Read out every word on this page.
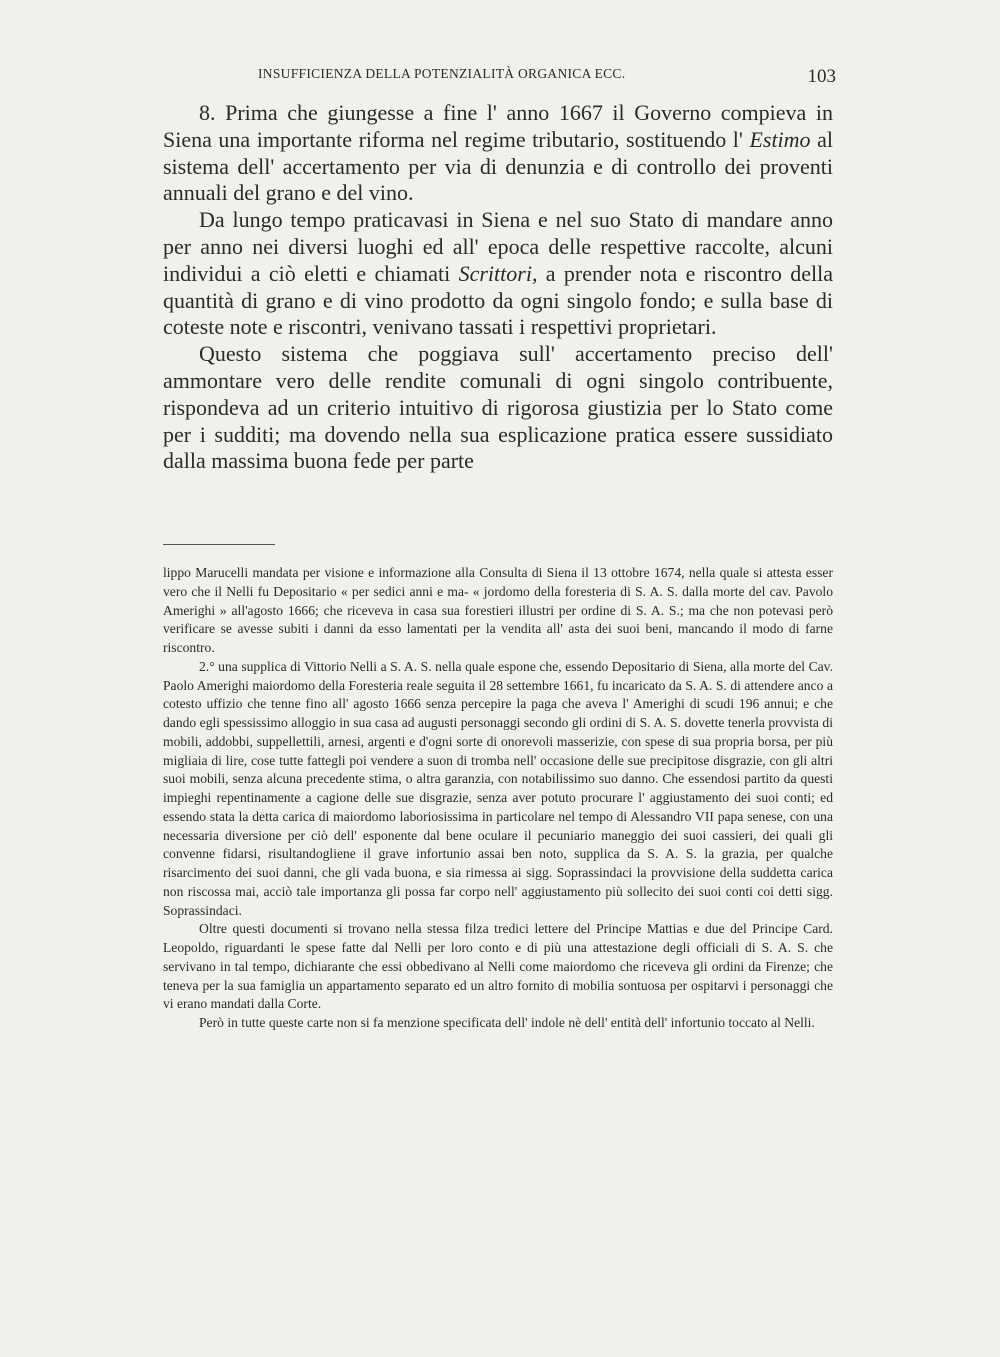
INSUFFICIENZA DELLA POTENZIALITÀ ORGANICA ECC.	103

8. Prima che giungesse a fine l' anno 1667 il Governo compieva in Siena una importante riforma nel regime tributario, sostituendo l' Estimo al sistema dell' accertamento per via di denunzia e di controllo dei proventi annuali del grano e del vino.

Da lungo tempo praticavasi in Siena e nel suo Stato di mandare anno per anno nei diversi luoghi ed all' epoca delle respettive raccolte, alcuni individui a ciò eletti e chiamati Scrittori, a prender nota e riscontro della quantità di grano e di vino prodotto da ogni singolo fondo; e sulla base di coteste note e riscontri, venivano tassati i respettivi proprietari.

Questo sistema che poggiava sull' accertamento preciso dell' ammontare vero delle rendite comunali di ogni singolo contribuente, rispondeva ad un criterio intuitivo di rigorosa giustizia per lo Stato come per i sudditi; ma dovendo nella sua esplicazione pratica essere sussidiato dalla massima buona fede per parte

lippo Marucelli mandata per visione e informazione alla Consulta di Siena il 13 ottobre 1674, nella quale si attesta esser vero che il Nelli fu Depositario « per sedici anni e ma- « jordomo della foresteria di S. A. S. dalla morte del cav. Pavolo Amerighi » all'agosto 1666; che riceveva in casa sua forestieri illustri per ordine di S. A. S.; ma che non potevasi però verificare se avesse subiti i danni da esso lamentati per la vendita all' asta dei suoi beni, mancando il modo di farne riscontro.

2.° una supplica di Vittorio Nelli a S. A. S. nella quale espone che, essendo Depositario di Siena, alla morte del Cav. Paolo Amerighi maiordomo della Foresteria reale seguita il 28 settembre 1661, fu incaricato da S. A. S. di attendere anco a cotesto uffizio che tenne fino all' agosto 1666 senza percepire la paga che aveva l' Amerighi di scudi 196 annui; e che dando egli spessissimo alloggio in sua casa ad augusti personaggi secondo gli ordini di S. A. S. dovette tenerla provvista di mobili, addobbi, suppellettili, arnesi, argenti e d'ogni sorte di onorevoli masserizie, con spese di sua propria borsa, per più migliaia di lire, cose tutte fattegli poi vendere a suon di tromba nell' occasione delle sue precipitose disgrazie, con gli altri suoi mobili, senza alcuna precedente stima, o altra garanzia, con notabilissimo suo danno. Che essendosi partito da questi impieghi repentinamente a cagione delle sue disgrazie, senza aver potuto procurare l' aggiustamento dei suoi conti; ed essendo stata la detta carica di maiordomo laboriosissima in particolare nel tempo di Alessandro VII papa senese, con una necessaria diversione per ciò dell' esponente dal bene oculare il pecuniario maneggio dei suoi cassieri, dei quali gli convenne fidarsi, risultandogliene il grave infortunio assai ben noto, supplica da S. A. S. la grazia, per qualche risarcimento dei suoi danni, che gli vada buona, e sia rimessa ai sigg. Soprassindaci la provvisione della suddetta carica non riscossa mai, acciò tale importanza gli possa far corpo nell' aggiustamento più sollecito dei suoi conti coi detti sigg. Soprassindaci.

Oltre questi documenti si trovano nella stessa filza tredici lettere del Principe Mattias e due del Principe Card. Leopoldo, riguardanti le spese fatte dal Nelli per loro conto e di più una attestazione degli officiali di S. A. S. che servivano in tal tempo, dichiarante che essi obbedivano al Nelli come maiordomo che riceveva gli ordini da Firenze; che teneva per la sua famiglia un appartamento separato ed un altro fornito di mobilia sontuosa per ospitarvi i personaggi che vi erano mandati dalla Corte.

Però in tutte queste carte non si fa menzione specificata dell' indole nè dell' entità dell' infortunio toccato al Nelli.
